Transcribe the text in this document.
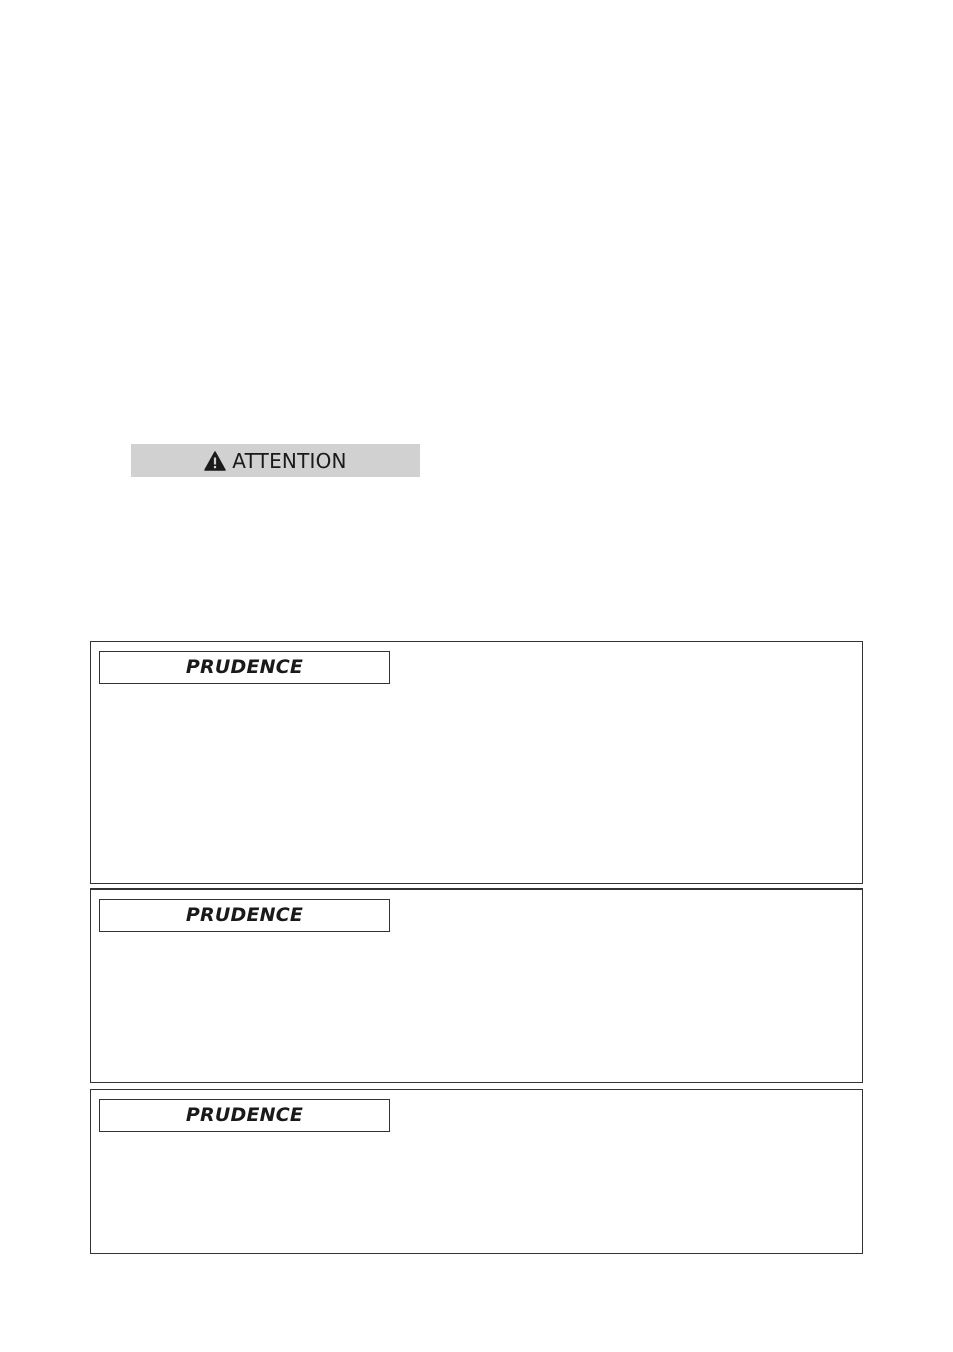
ATTENTION
PRUDENCE
PRUDENCE
PRUDENCE
